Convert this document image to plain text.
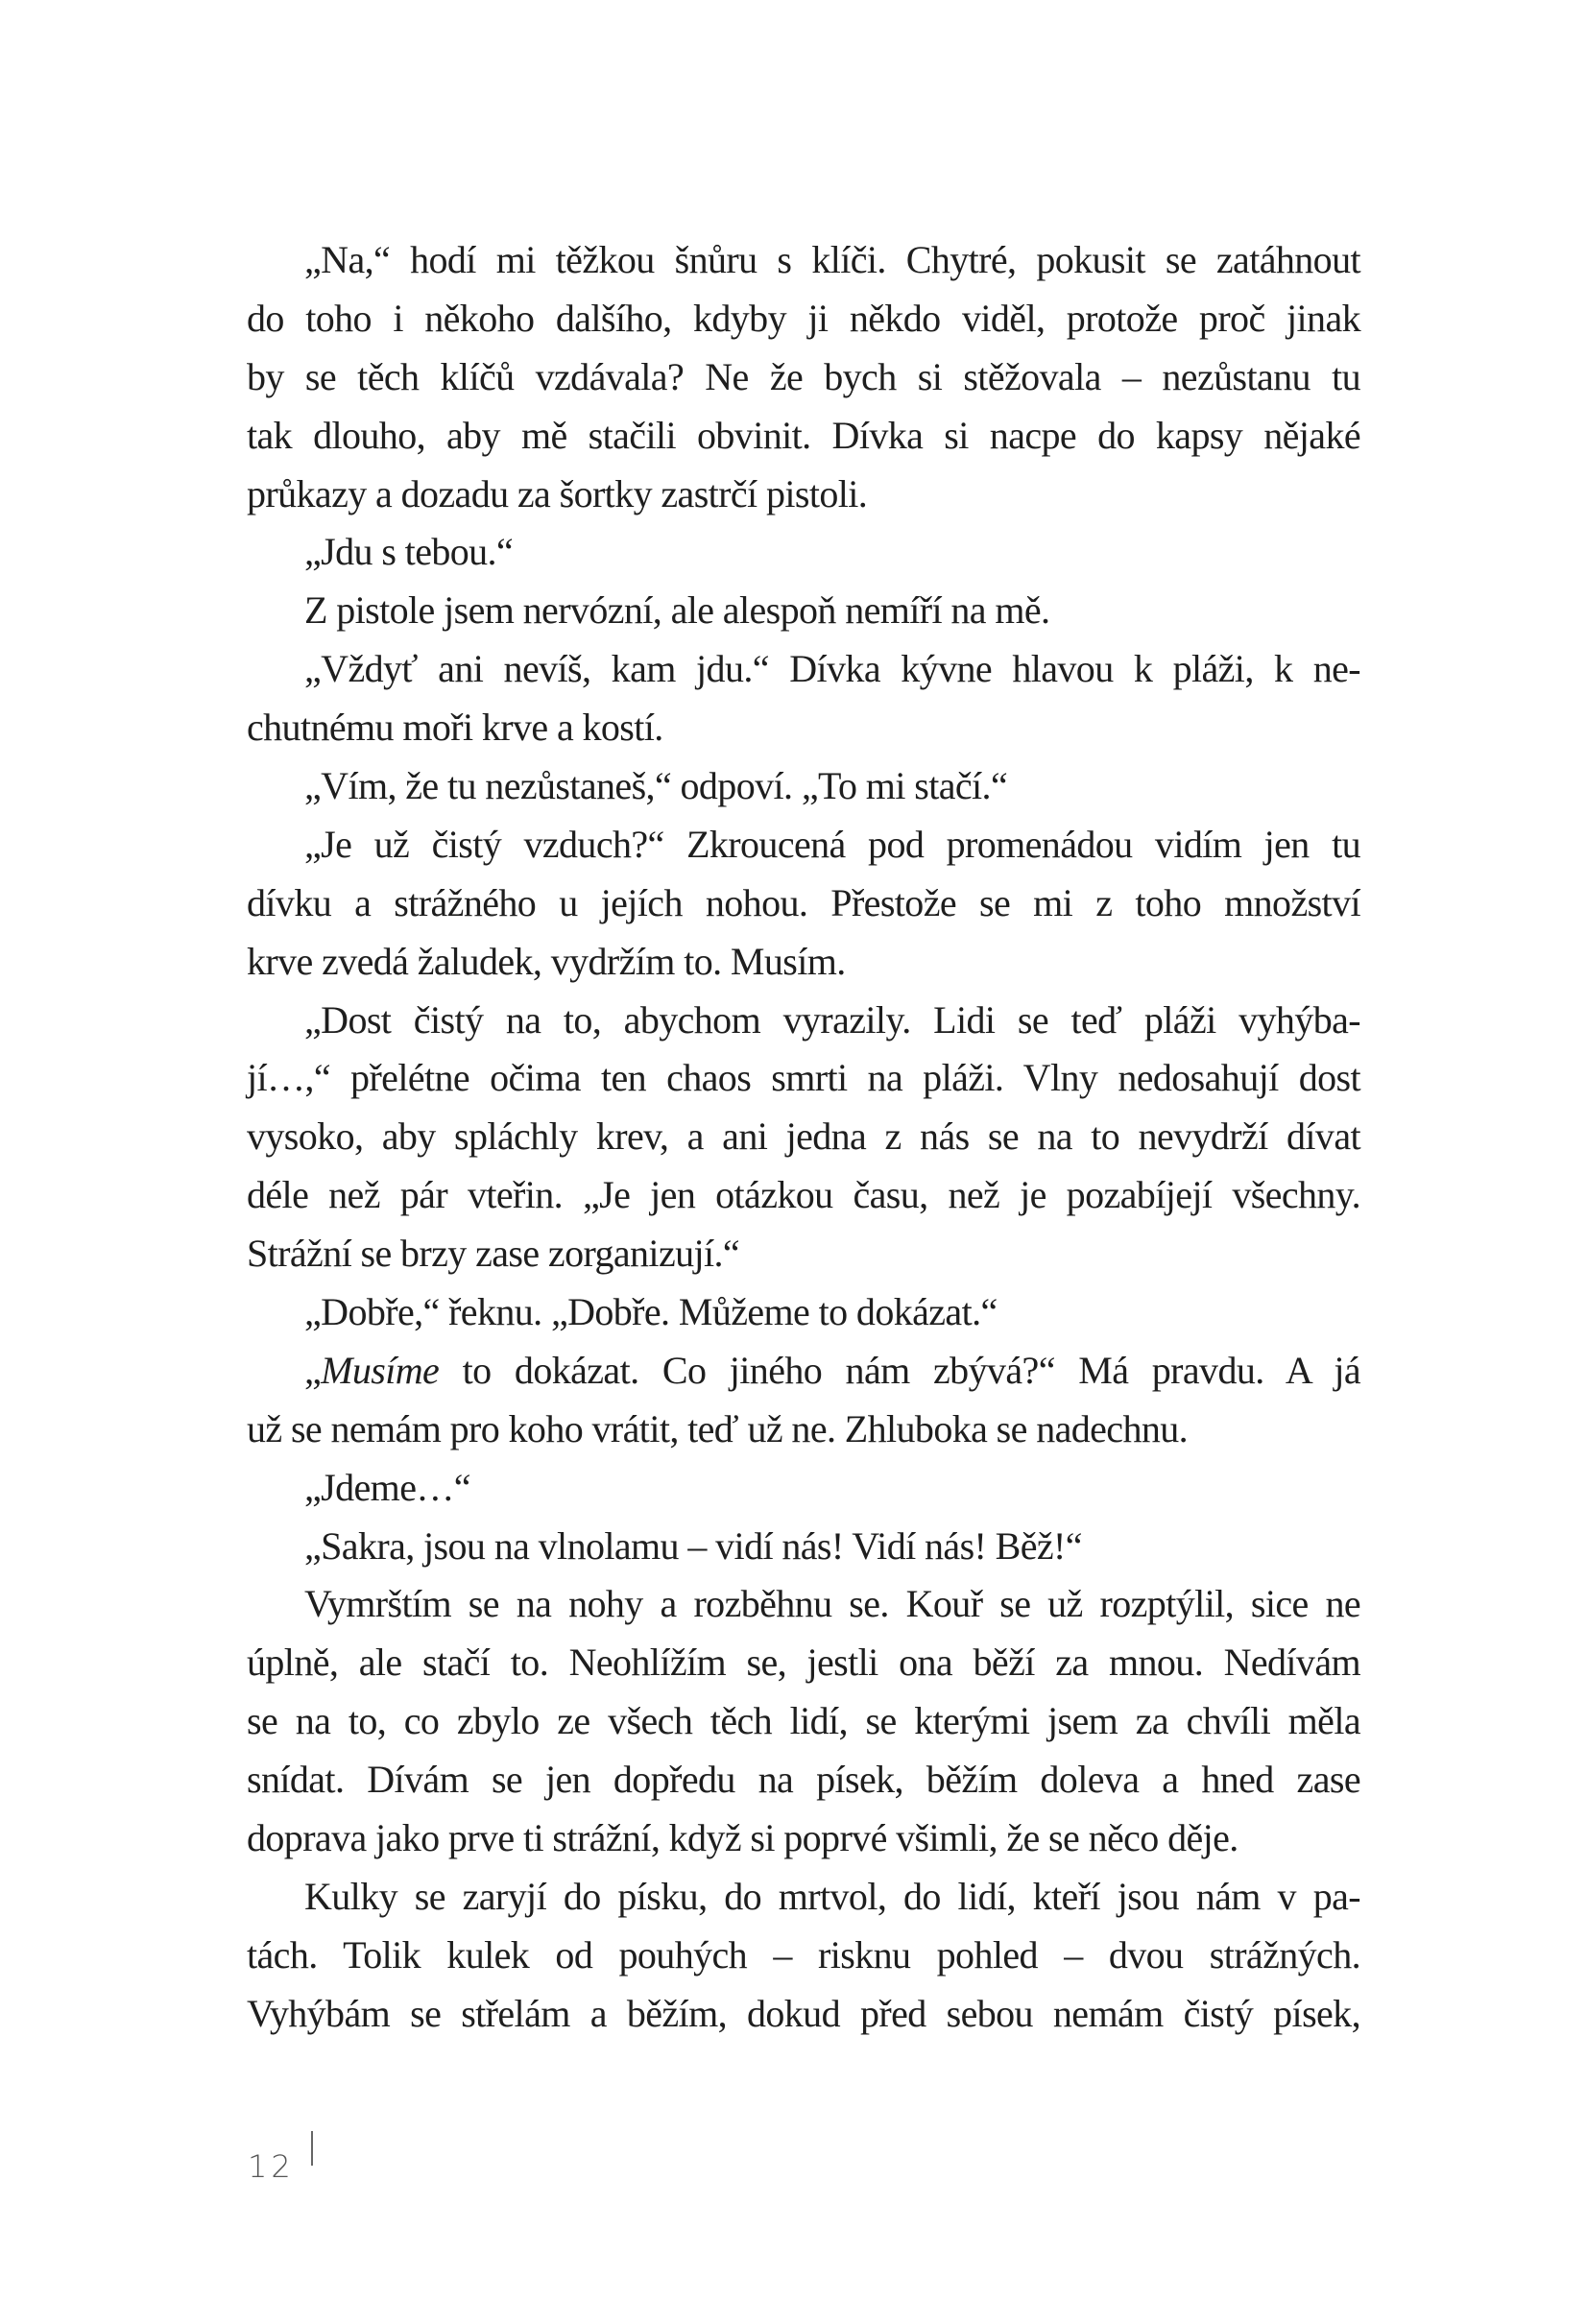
„Na,“ hodí mi těžkou šnůru s klíči. Chytré, pokusit se zatáhnout
do toho i někoho dalšího, kdyby ji někdo viděl, protože proč jinak
by se těch klíčů vzdávala? Ne že bych si stěžovala – nezůstanu tu
tak dlouho, aby mě stačili obvinit. Dívka si nacpe do kapsy nějaké
průkazy a dozadu za šortky zastrčí pistoli.
„Jdu s tebou.“
Z pistole jsem nervózní, ale alespoň nemíří na mě.
„Vždyť ani nevíš, kam jdu.“ Dívka kývne hlavou k pláži, k ne-
chutnému moři krve a kostí.
„Vím, že tu nezůstaneš,“ odpoví. „To mi stačí.“
„Je už čistý vzduch?“ Zkroucená pod promenádou vidím jen tu
dívku a strážného u jejích nohou. Přestože se mi z toho množství
krve zvedá žaludek, vydržím to. Musím.
„Dost čistý na to, abychom vyrazily. Lidi se teď pláži vyhýba-
jí…,“ přelétne očima ten chaos smrti na pláži. Vlny nedosahují dost
vysoko, aby spláchly krev, a ani jedna z nás se na to nevydrží dívat
déle než pár vteřin. „Je jen otázkou času, než je pozabíjejí všechny.
Strážní se brzy zase zorganizují.“
„Dobře,“ řeknu. „Dobře. Můžeme to dokázat.“
„Musíme to dokázat. Co jiného nám zbývá?“ Má pravdu. A já
už se nemám pro koho vrátit, teď už ne. Zhluboka se nadechnu.
„Jdeme…“
„Sakra, jsou na vlnolamu – vidí nás! Vidí nás! Běž!“
Vymrštím se na nohy a rozběhnu se. Kouř se už rozptýlil, sice ne
úplně, ale stačí to. Neohlížím se, jestli ona běží za mnou. Nedívám
se na to, co zbylo ze všech těch lidí, se kterými jsem za chvíli měla
snídat. Dívám se jen dopředu na písek, běžím doleva a hned zase
doprava jako prve ti strážní, když si poprvé všimli, že se něco děje.
Kulky se zaryjí do písku, do mrtvol, do lidí, kteří jsou nám v pa-
tách. Tolik kulek od pouhých – risknu pohled – dvou strážných.
Vyhýbám se střelám a běžím, dokud před sebou nemám čistý písek,
12
